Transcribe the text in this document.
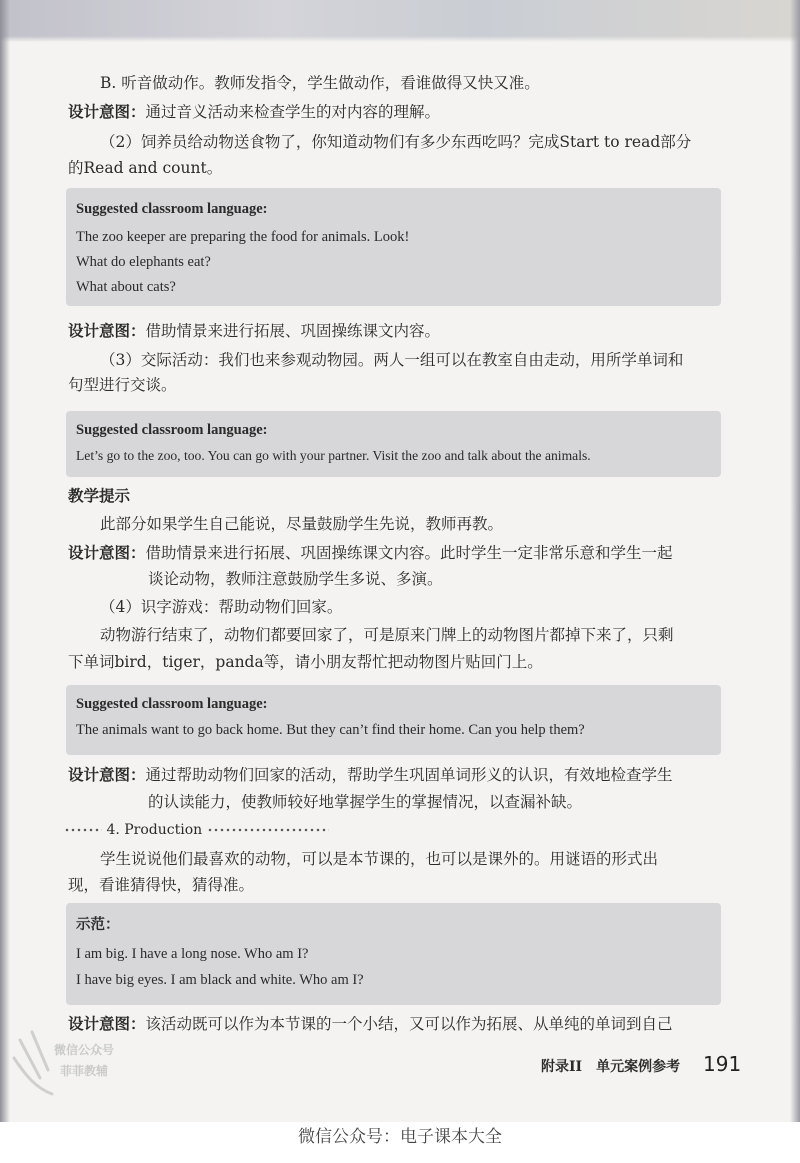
B. 听音做动作。教师发指令，学生做动作，看谁做得又快又准。
设计意图：通过音义活动来检查学生的对内容的理解。
（2）饲养员给动物送食物了，你知道动物们有多少东西吃吗？完成Start to read部分
的Read and count。
Suggested classroom language:
The zoo keeper are preparing the food for animals. Look!
What do elephants eat?
What about cats?
设计意图：借助情景来进行拓展、巩固操练课文内容。
（3）交际活动：我们也来参观动物园。两人一组可以在教室自由走动，用所学单词和
句型进行交谈。
Suggested classroom language:
Let’s go to the zoo, too. You can go with your partner. Visit the zoo and talk about the animals.
教学提示
此部分如果学生自己能说，尽量鼓励学生先说，教师再教。
设计意图：借助情景来进行拓展、巩固操练课文内容。此时学生一定非常乐意和学生一起
谈论动物，教师注意鼓励学生多说、多演。
（4）识字游戏：帮助动物们回家。
动物游行结束了，动物们都要回家了，可是原来门牌上的动物图片都掉下来了，只剩
下单词bird，tiger，panda等，请小朋友帮忙把动物图片贴回门上。
Suggested classroom language:
The animals want to go back home. But they can’t find their home. Can you help them?
设计意图：通过帮助动物们回家的活动，帮助学生巩固单词形义的认识，有效地检查学生
的认读能力，使教师较好地掌握学生的掌握情况，以查漏补缺。
4. Production
学生说说他们最喜欢的动物，可以是本节课的，也可以是课外的。用谜语的形式出
现，看谁猜得快，猜得准。
示范：
I am big. I have a long nose. Who am I?
I have big eyes. I am black and white. Who am I?
设计意图：该活动既可以作为本节课的一个小结，又可以作为拓展、从单纯的单词到自己
微信公众号
菲菲教辅	附录II　单元案例参考 191
微信公众号：电子课本大全
